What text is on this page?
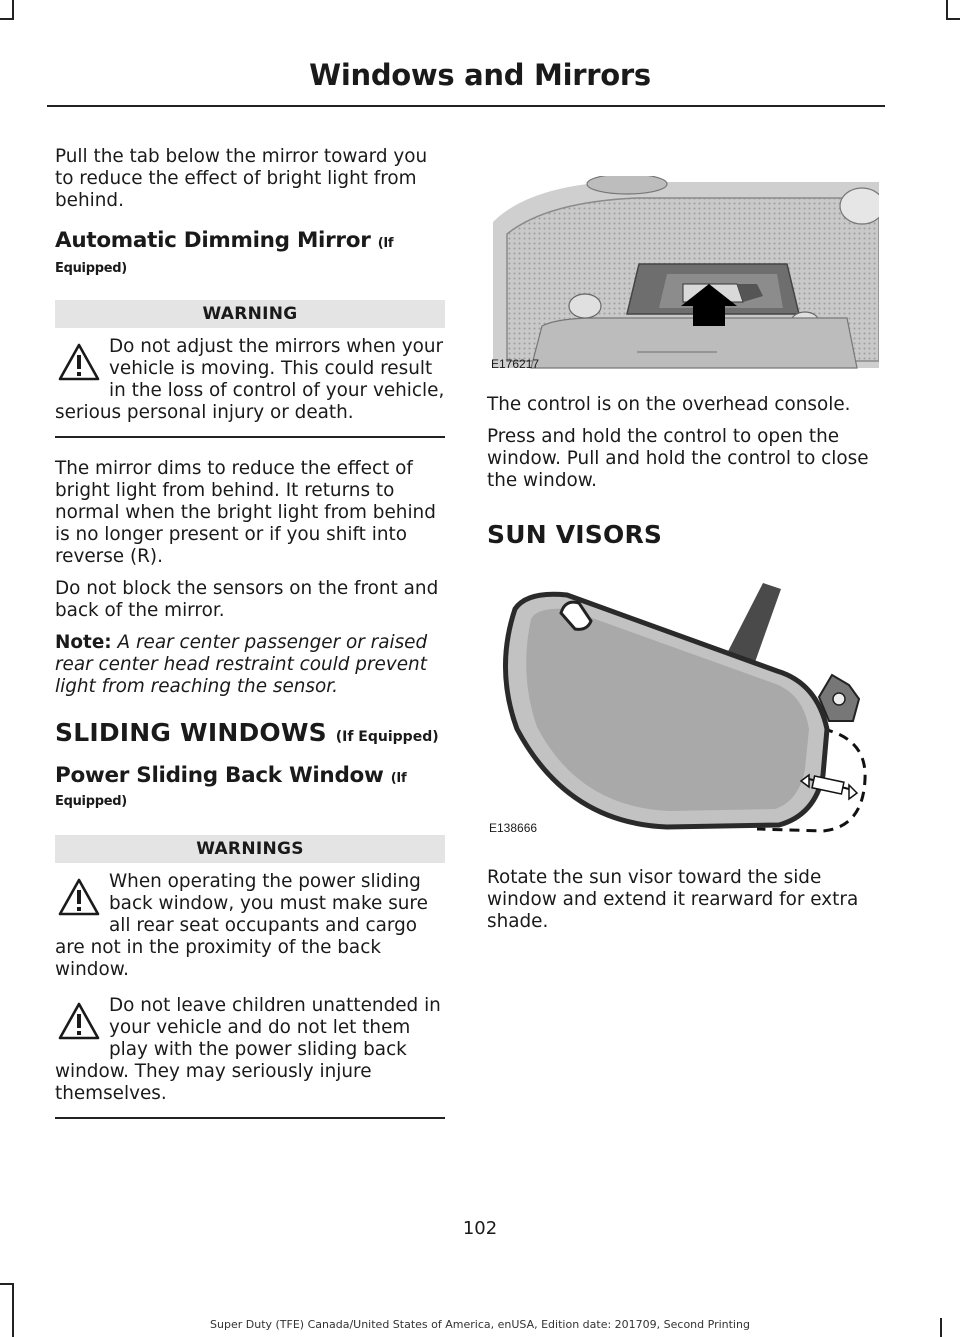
Windows and Mirrors

Pull the tab below the mirror toward you to reduce the effect of bright light from behind.

Automatic Dimming Mirror (If Equipped)
WARNING

Do not adjust the mirrors when your vehicle is moving. This could result in the loss of control of your vehicle, serious personal injury or death.

The mirror dims to reduce the effect of bright light from behind. It returns to normal when the bright light from behind is no longer present or if you shift into reverse (R).

Do not block the sensors on the front and back of the mirror.

Note: A rear center passenger or raised rear center head restraint could prevent light from reaching the sensor.

SLIDING WINDOWS (If Equipped)
Power Sliding Back Window (If
Equipped)
WARNINGS

When operating the power sliding back window, you must make sure all rear seat occupants and cargo are not in the proximity of the back window.

Do not leave children unattended in your vehicle and do not let them play with the power sliding back window. They may seriously injure themselves.

E176217

The control is on the overhead console.

Press and hold the control to open the window. Pull and hold the control to close the window.

SUN VISORS
E138666

Rotate the sun visor toward the side window and extend it rearward for extra shade.

102
Super Duty (TFE) Canada/United States of America, enUSA, Edition date: 201709, Second Printing
